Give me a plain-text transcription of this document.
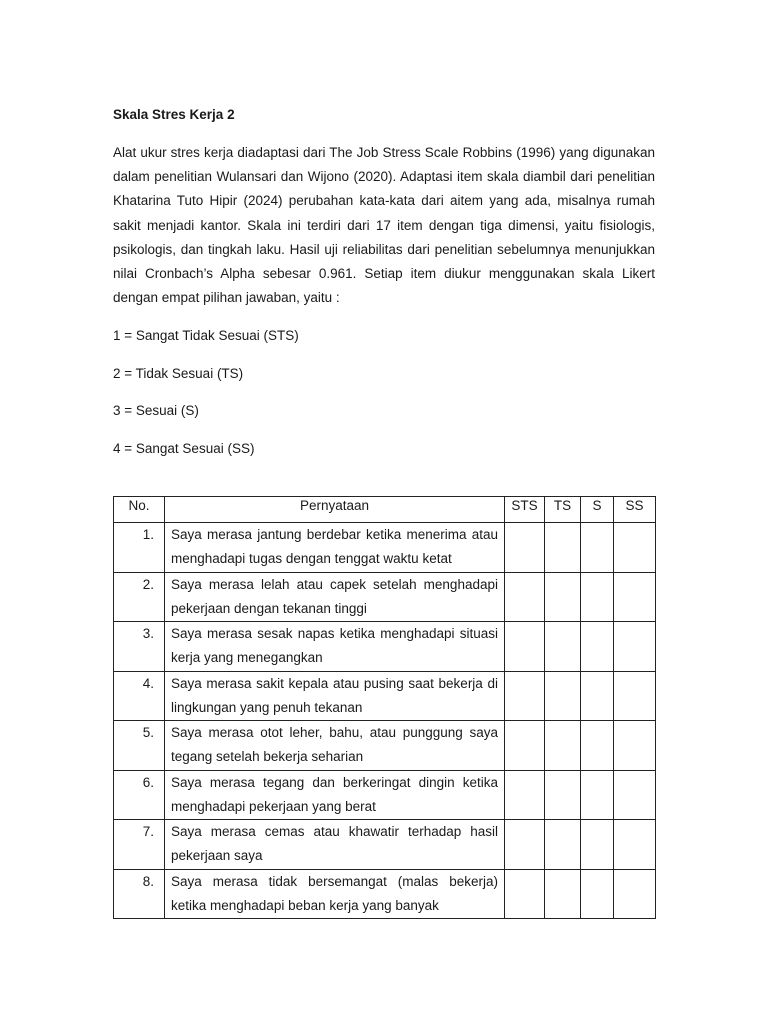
Skala Stres Kerja 2

Alat ukur stres kerja diadaptasi dari The Job Stress Scale Robbins (1996) yang digunakan dalam penelitian Wulansari dan Wijono (2020). Adaptasi item skala diambil dari penelitian Khatarina Tuto Hipir (2024) perubahan kata-kata dari aitem yang ada, misalnya rumah sakit menjadi kantor. Skala ini terdiri dari 17 item dengan tiga dimensi, yaitu fisiologis, psikologis, dan tingkah laku. Hasil uji reliabilitas dari penelitian sebelumnya menunjukkan nilai Cronbach’s Alpha sebesar 0.961. Setiap item diukur menggunakan skala Likert dengan empat pilihan jawaban, yaitu :

1 = Sangat Tidak Sesuai (STS)
2 = Tidak Sesuai (TS)
3 = Sesuai (S)
4 = Sangat Sesuai (SS)
No.	Pernyataan	STS	TS	S	SS
1.	Saya merasa jantung berdebar ketika menerima atau menghadapi tugas dengan tenggat waktu ketat				
2.	Saya merasa lelah atau capek setelah menghadapi pekerjaan dengan tekanan tinggi				
3.	Saya merasa sesak napas ketika menghadapi situasi kerja yang menegangkan				
4.	Saya merasa sakit kepala atau pusing saat bekerja di lingkungan yang penuh tekanan				
5.	Saya merasa otot leher, bahu, atau punggung saya tegang setelah bekerja seharian				
6.	Saya merasa tegang dan berkeringat dingin ketika menghadapi pekerjaan yang berat				
7.	Saya merasa cemas atau khawatir terhadap hasil pekerjaan saya				
8.	Saya merasa tidak bersemangat (malas bekerja) ketika menghadapi beban kerja yang banyak				
